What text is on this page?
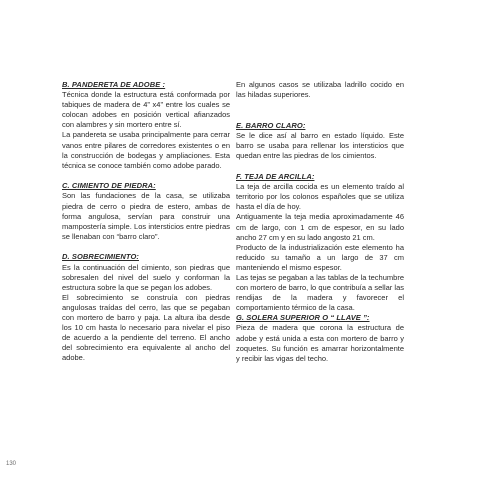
B. PANDERETA DE ADOBE :

Técnica donde la estructura está conformada por tabiques de madera de 4” x4” entre los cuales se colocan adobes en posición vertical afianzados con alambres y sin mortero entre sí.

La pandereta se usaba principalmente para cerrar vanos entre pilares de corredores existentes o en la construcción de bodegas y ampliaciones. Esta técnica se conoce también como adobe parado.

C. CIMIENTO DE PIEDRA:

Son las fundaciones de la casa, se utilizaba piedra de cerro o piedra de estero, ambas de forma angulosa, servían para construir una mampostería simple. Los intersticios entre piedras se llenaban con “barro claro”.

D. SOBRECIMIENTO:

Es la continuación del cimiento, son piedras que sobresalen del nivel del suelo y conforman la estructura sobre la que se pegan los adobes.

El sobrecimiento se construía con piedras angulosas traídas del cerro, las que se pegaban con mortero de barro y paja. La altura iba desde los 10 cm hasta lo necesario para nivelar el piso de acuerdo a la pendiente del terreno. El ancho del sobrecimiento era equivalente al ancho del adobe.

En algunos casos se utilizaba ladrillo cocido en las hiladas superiores.

E. BARRO CLARO:

Se le dice así al barro en estado líquido. Este barro se usaba para rellenar los intersticios que quedan entre las piedras de los cimientos.

F. TEJA DE ARCILLA:

La teja de arcilla cocida es un elemento traído al territorio por los colonos españoles que se utiliza hasta el día de hoy.

Antiguamente la teja media aproximadamente 46 cm de largo, con 1 cm de espesor, en su lado ancho 27 cm y en su lado angosto 21 cm.

Producto de la industrialización este elemento ha reducido su tamaño a un largo de 37 cm manteniendo el mismo espesor.

Las tejas se pegaban a las tablas de la techumbre con mortero de barro, lo que contribuía a sellar las rendijas de la madera y favorecer el comportamiento térmico de la casa.

G. SOLERA SUPERIOR O “ LLAVE ”:

Pieza de madera que corona la estructura de adobe y está unida a esta con mortero de barro y zoquetes. Su función es amarrar horizontalmente y recibir las vigas del techo.

130
